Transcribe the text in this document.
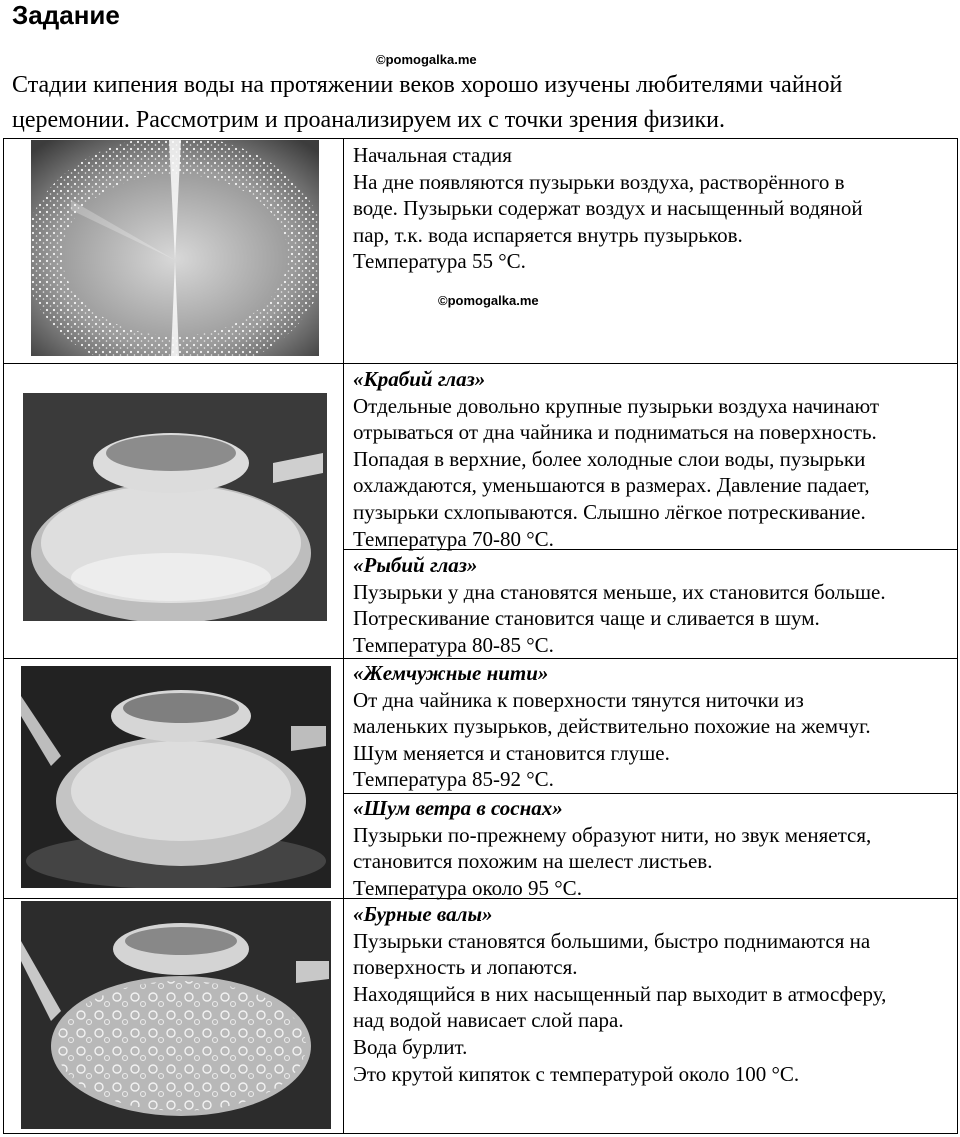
Задание
©pomogalka.me
Стадии кипения воды на протяжении веков хорошо изучены любителями чайной церемонии. Рассмотрим и проанализируем их с точки зрения физики.
©pomogalka.me
Начальная стадия
На дне появляются пузырьки воздуха, растворённого в
воде. Пузырьки содержат воздух и насыщенный водяной
пар, т.к. вода испаряется внутрь пузырьков.
Температура 55 °С.
«Крабий глаз»
Отдельные довольно крупные пузырьки воздуха начинают
отрываться от дна чайника и подниматься на поверхность.
Попадая в верхние, более холодные слои воды, пузырьки
охлаждаются, уменьшаются в размерах. Давление падает,
пузырьки схлопываются. Слышно лёгкое потрескивание.
Температура 70-80 °С.
«Рыбий глаз»
Пузырьки у дна становятся меньше, их становится больше.
Потрескивание становится чаще и сливается в шум.
Температура 80-85 °С.
«Жемчужные нити»
От дна чайника к поверхности тянутся ниточки из
маленьких пузырьков, действительно похожие на жемчуг.
Шум меняется и становится глуше.
Температура 85-92 °С.
«Шум ветра в соснах»
Пузырьки по-прежнему образуют нити, но звук меняется,
становится похожим на шелест листьев.
Температура около 95 °С.
«Бурные валы»
Пузырьки становятся большими, быстро поднимаются на
поверхность и лопаются.
Находящийся в них насыщенный пар выходит в атмосферу,
над водой нависает слой пара.
Вода бурлит.
Это крутой кипяток с температурой около 100 °С.
